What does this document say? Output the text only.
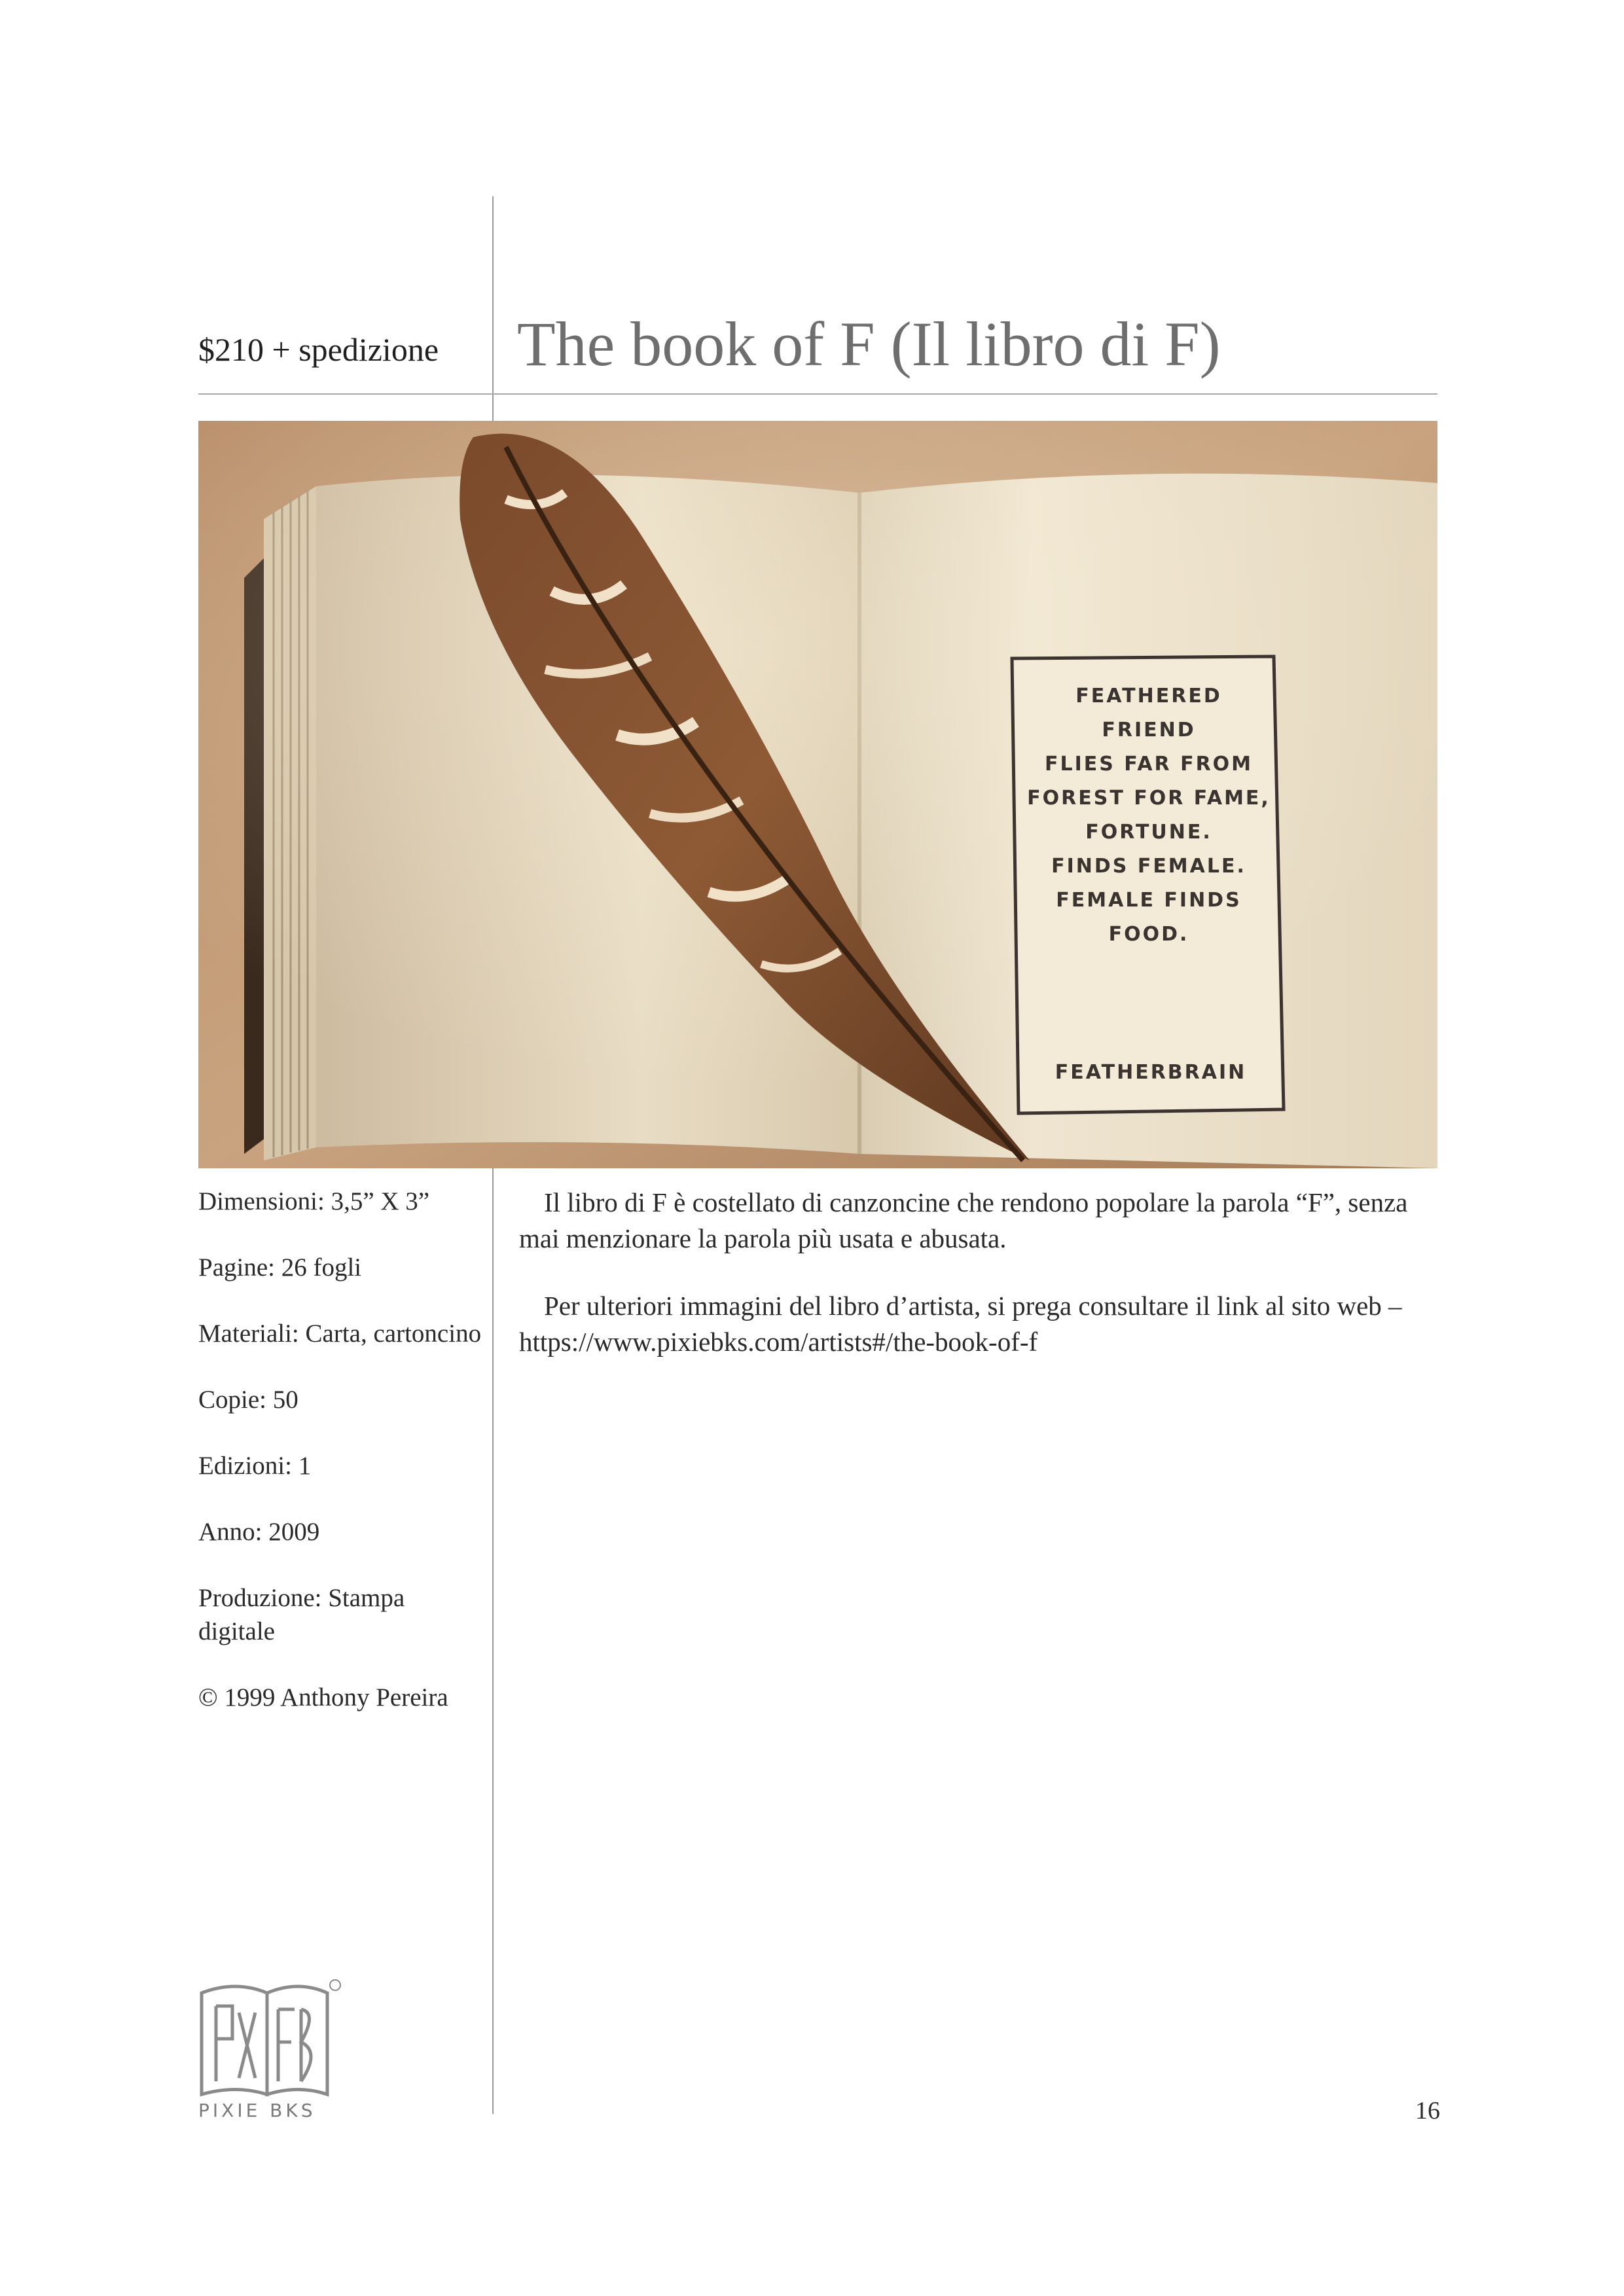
$210 + spedizione	The book of F (Il libro di F)
FEATHERED
FRIEND
FLIES FAR FROM
FOREST FOR FAME,
FORTUNE.
FINDS FEMALE.
FEMALE FINDS
FOOD.
FEATHERBRAIN
Dimensioni: 3,5” X 3”
Pagine: 26 fogli
Materiali: Carta, cartoncino
Copie: 50
Edizioni: 1
Anno: 2009
Produzione: Stampa digitale
© 1999 Anthony Pereira

Il libro di F è costellato di canzoncine che rendono popolare la parola “F”, senza mai menzionare la parola più usata e abusata.

Per ulteriori immagini del libro d’artista, si prega consultare il link al sito web – https://www.pixiebks.com/artists#/the-book-of-f

PIXIE BKS	16
